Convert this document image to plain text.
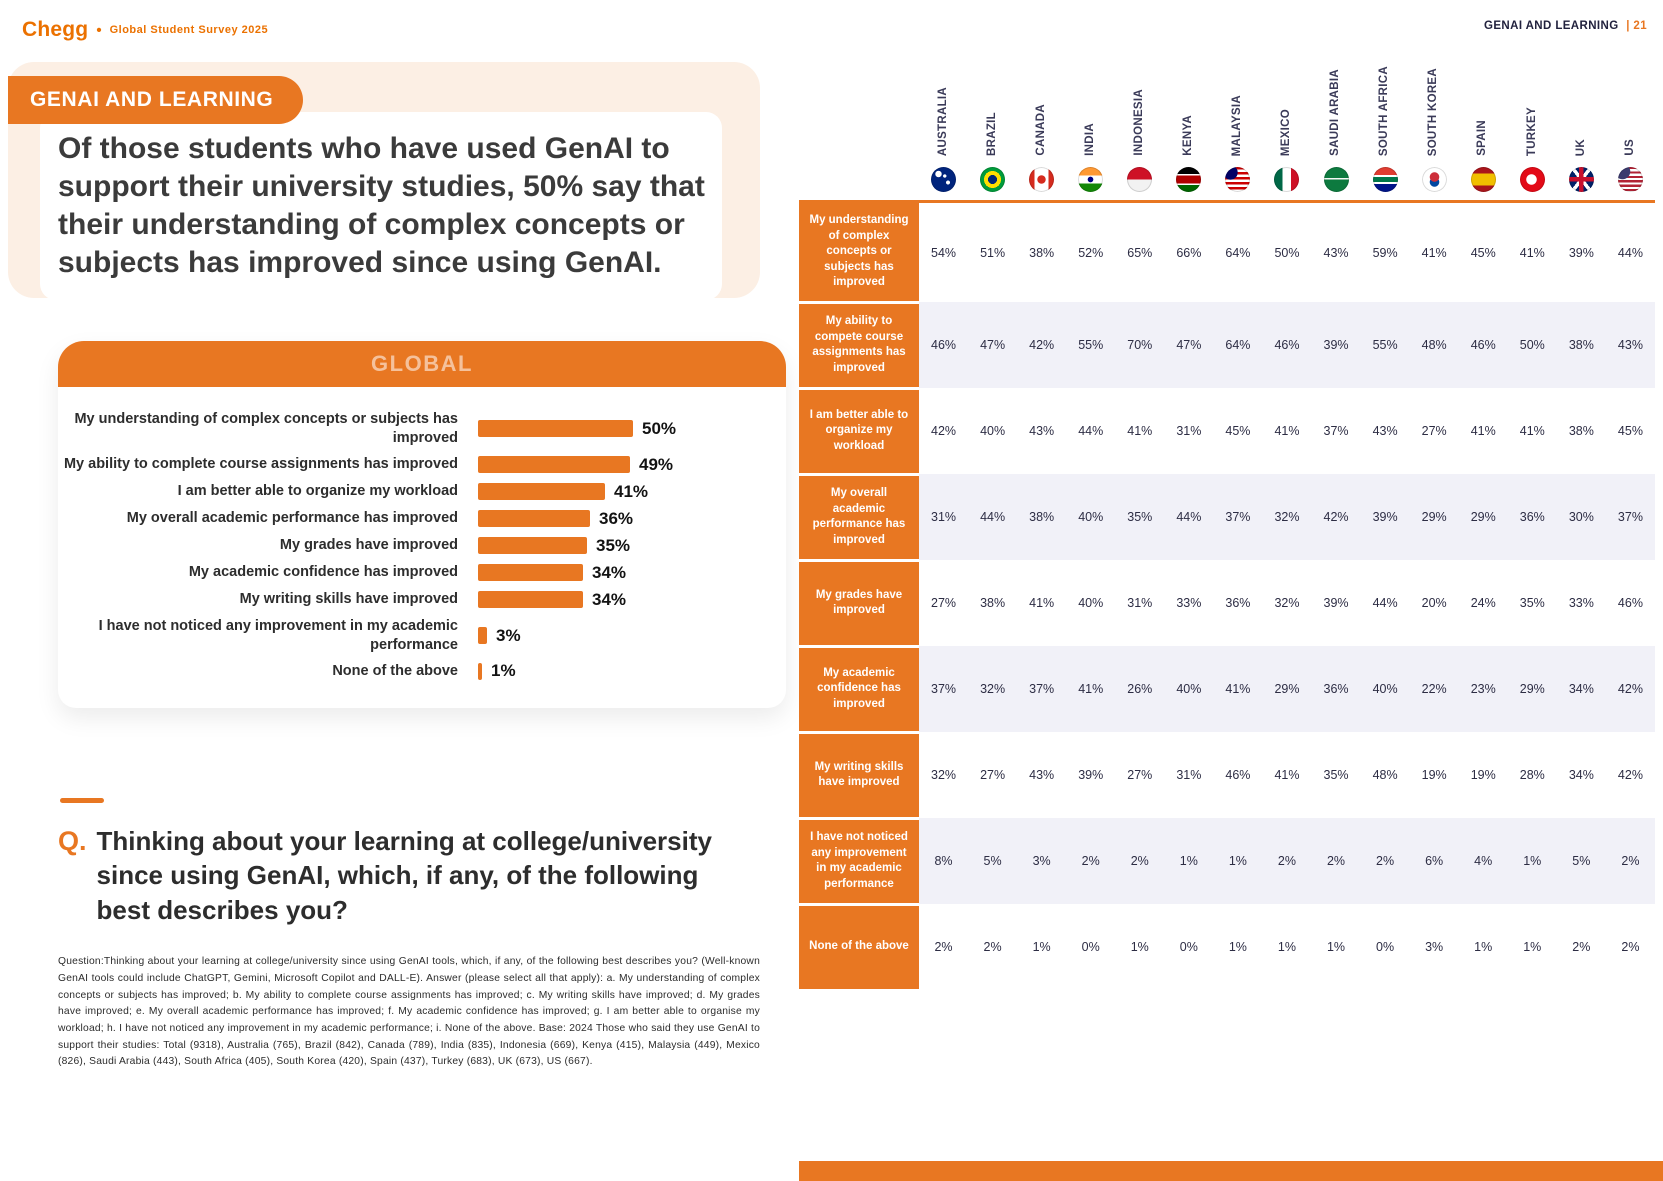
Chegg • Global Student Survey 2025	GENAI AND LEARNING | 21
GENAI AND LEARNING
Of those students who have used GenAI to support their university studies, 50% say that their understanding of complex concepts or subjects has improved since using GenAI.
GLOBAL
My understanding of complex concepts or subjects has improved	50%
My ability to complete course assignments has improved	49%
I am better able to organize my workload	41%
My overall academic performance has improved	36%
My grades have improved	35%
My academic confidence has improved	34%
My writing skills have improved	34%
I have not noticed any improvement in my academic performance	3%
None of the above	1%
Q. Thinking about your learning at college/university since using GenAI, which, if any, of the following best describes you?

Question:Thinking about your learning at college/university since using GenAI tools, which, if any, of the following best describes you? (Well-known GenAI tools could include ChatGPT, Gemini, Microsoft Copilot and DALL-E). Answer (please select all that apply): a. My understanding of complex concepts or subjects has improved; b. My ability to complete course assignments has improved; c. My writing skills have improved; d. My grades have improved; e. My overall academic performance has improved; f. My academic confidence has improved; g. I am better able to organise my workload; h. I have not noticed any improvement in my academic performance; i. None of the above. Base: 2024 Those who said they use GenAI to support their studies: Total (9318), Australia (765), Brazil (842), Canada (789), India (835), Indonesia (669), Kenya (415), Malaysia (449), Mexico (826), Saudi Arabia (443), South Africa (405), South Korea (420), Spain (437), Turkey (683), UK (673), US (667).

	AUSTRALIA	BRAZIL	CANADA	INDIA	INDONESIA	KENYA	MALAYSIA	MEXICO	SAUDI ARABIA	SOUTH AFRICA	SOUTH KOREA	SPAIN	TURKEY	UK	US

My understanding of complex concepts or subjects has improved	54%	51%	38%	52%	65%	66%	64%	50%	43%	59%	41%	45%	41%	39%	44%
My ability to compete course assignments has improved	46%	47%	42%	55%	70%	47%	64%	46%	39%	55%	48%	46%	50%	38%	43%
I am better able to organize my workload	42%	40%	43%	44%	41%	31%	45%	41%	37%	43%	27%	41%	41%	38%	45%
My overall academic performance has improved	31%	44%	38%	40%	35%	44%	37%	32%	42%	39%	29%	29%	36%	30%	37%
My grades have improved	27%	38%	41%	40%	31%	33%	36%	32%	39%	44%	20%	24%	35%	33%	46%
My academic confidence has improved	37%	32%	37%	41%	26%	40%	41%	29%	36%	40%	22%	23%	29%	34%	42%
My writing skills have improved	32%	27%	43%	39%	27%	31%	46%	41%	35%	48%	19%	19%	28%	34%	42%
I have not noticed any improvement in my academic performance	8%	5%	3%	2%	2%	1%	1%	2%	2%	2%	6%	4%	1%	5%	2%
None of the above	2%	2%	1%	0%	1%	0%	1%	1%	1%	0%	3%	1%	1%	2%	2%
